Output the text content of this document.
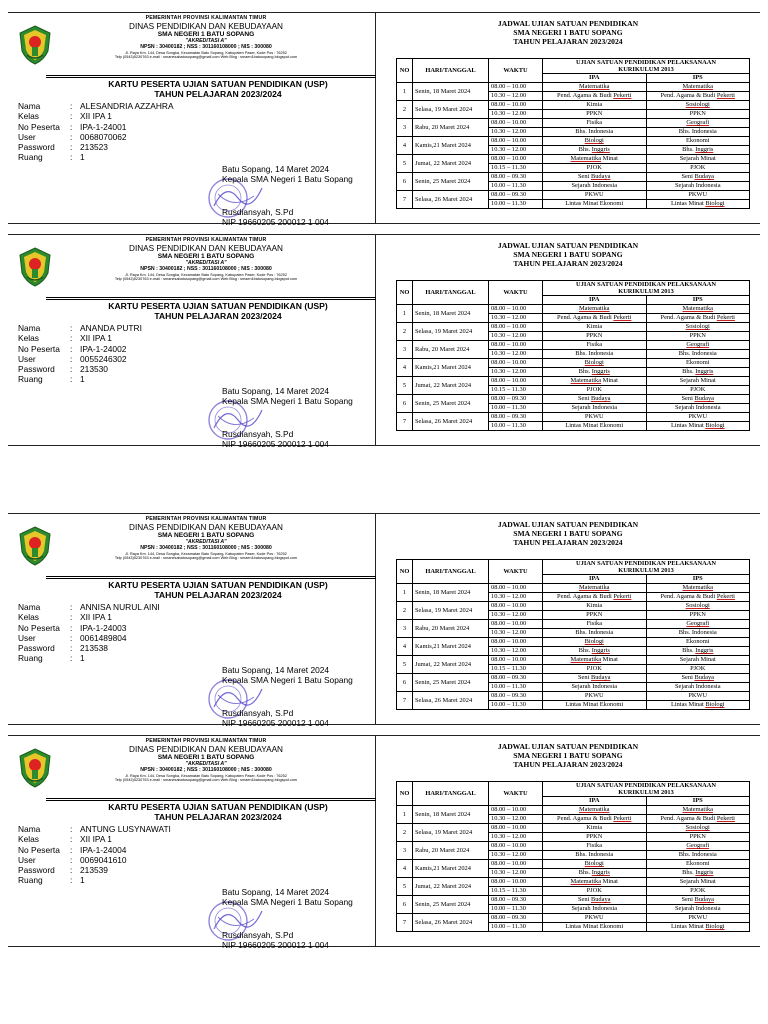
PEMERINTAH PROVINSI KALIMANTAN TIMUR
DINAS PENDIDIKAN DAN KEBUDAYAAN
SMA NEGERI 1 BATU SOPANG
"AKREDITASI A"
NPSN : 30400182 ; NSS : 301160108000 ; NIS : 300080
Jl. Raya Km. 144, Desa Songka, Kecamatan Batu Sopang, Kabupaten Paser, Kode Pos : 76252
Telp (0543)5230763 e-mail : smanesabatusopang@gmail.com Web Blog : smaen1batusopang.blogspot.com
KARTU PESERTA UJIAN SATUAN PENDIDIKAN (USP)
TAHUN PELAJARAN 2023/2024
Nama	: ALESANDRIA AZZAHRA
Kelas	: XII IPA 1
No Peserta	: IPA-1-24001
User	: 0068070062
Password	: 213523
Ruang	: 1
Batu Sopang, 14 Maret 2024
Kepala SMA Negeri 1 Batu Sopang
Rusdiansyah, S.Pd
NIP 19660205 200012 1 004
JADWAL UJIAN SATUAN PENDIDIKAN
SMA NEGERI 1 BATU SOPANG
TAHUN PELAJARAN 2023/2024
NO	HARI/TANGGAL	WAKTU	UJIAN SATUAN PENDIDIKAN PELAKSANAAN
KURIKULUM 2013	

			IPA	IPS
1	Senin, 18 Maret 2024	08.00 – 10.00	Matematika	Matematika
		10.30 – 12.00	Pend. Agama & Budi Pekerti	Pend. Agama & Budi Pekerti
2	Selasa, 19 Maret 2024	08.00 – 10.00	Kimia	Sosiologi
		10.30 – 12.00	PPKN	PPKN
3	Rabu, 20 Maret 2024	08.00 – 10.00	Fisika	Geografi
		10.30 – 12.00	Bhs. Indonesia	Bhs. Indonesia
4	Kamis,21 Maret 2024	08.00 – 10.00	Biologi	Ekonomi
		10.30 – 12.00	Bhs. Inggris	Bhs. Inggris
5	Jumat, 22 Maret 2024	08.00 – 10.00	Matematika Minat	Sejarah Minat
		10.15 – 11.30	PJOK	PJOK
6	Senin, 25 Maret 2024	08.00 – 09.30	Seni Budaya	Seni Budaya
		10.00 – 11.30	Sejarah Indonesia	Sejarah Indonesia
7	Selasa, 26 Maret 2024	08.00 – 09.30	PKWU	PKWU
		10.00 – 11.30	Lintas Minat Ekonomi	Lintas Minat Biologi
PEMERINTAH PROVINSI KALIMANTAN TIMUR
DINAS PENDIDIKAN DAN KEBUDAYAAN
SMA NEGERI 1 BATU SOPANG
"AKREDITASI A"
NPSN : 30400182 ; NSS : 301160108000 ; NIS : 300080
Jl. Raya Km. 144, Desa Songka, Kecamatan Batu Sopang, Kabupaten Paser, Kode Pos : 76252
Telp (0543)5230763 e-mail : smanesabatusopang@gmail.com Web Blog : smaen1batusopang.blogspot.com
KARTU PESERTA UJIAN SATUAN PENDIDIKAN (USP)
TAHUN PELAJARAN 2023/2024
Nama	: ANANDA PUTRI
Kelas	: XII IPA 1
No Peserta	: IPA-1-24002
User	: 0055246302
Password	: 213530
Ruang	: 1
Batu Sopang, 14 Maret 2024
Kepala SMA Negeri 1 Batu Sopang
Rusdiansyah, S.Pd
NIP 19660205 200012 1 004
JADWAL UJIAN SATUAN PENDIDIKAN
SMA NEGERI 1 BATU SOPANG
TAHUN PELAJARAN 2023/2024
NO	HARI/TANGGAL	WAKTU	UJIAN SATUAN PENDIDIKAN PELAKSANAAN
KURIKULUM 2013	

			IPA	IPS
1	Senin, 18 Maret 2024	08.00 – 10.00	Matematika	Matematika
		10.30 – 12.00	Pend. Agama & Budi Pekerti	Pend. Agama & Budi Pekerti
2	Selasa, 19 Maret 2024	08.00 – 10.00	Kimia	Sosiologi
		10.30 – 12.00	PPKN	PPKN
3	Rabu, 20 Maret 2024	08.00 – 10.00	Fisika	Geografi
		10.30 – 12.00	Bhs. Indonesia	Bhs. Indonesia
4	Kamis,21 Maret 2024	08.00 – 10.00	Biologi	Ekonomi
		10.30 – 12.00	Bhs. Inggris	Bhs. Inggris
5	Jumat, 22 Maret 2024	08.00 – 10.00	Matematika Minat	Sejarah Minat
		10.15 – 11.30	PJOK	PJOK
6	Senin, 25 Maret 2024	08.00 – 09.30	Seni Budaya	Seni Budaya
		10.00 – 11.30	Sejarah Indonesia	Sejarah Indonesia
7	Selasa, 26 Maret 2024	08.00 – 09.30	PKWU	PKWU
		10.00 – 11.30	Lintas Minat Ekonomi	Lintas Minat Biologi
PEMERINTAH PROVINSI KALIMANTAN TIMUR
DINAS PENDIDIKAN DAN KEBUDAYAAN
SMA NEGERI 1 BATU SOPANG
"AKREDITASI A"
NPSN : 30400182 ; NSS : 301160108000 ; NIS : 300080
Jl. Raya Km. 144, Desa Songka, Kecamatan Batu Sopang, Kabupaten Paser, Kode Pos : 76252
Telp (0543)5230763 e-mail : smanesabatusopang@gmail.com Web Blog : smaen1batusopang.blogspot.com
KARTU PESERTA UJIAN SATUAN PENDIDIKAN (USP)
TAHUN PELAJARAN 2023/2024
Nama	: ANNISA NURUL AINI
Kelas	: XII IPA 1
No Peserta	: IPA-1-24003
User	: 0061489804
Password	: 213538
Ruang	: 1
Batu Sopang, 14 Maret 2024
Kepala SMA Negeri 1 Batu Sopang
Rusdiansyah, S.Pd
NIP 19660205 200012 1 004
JADWAL UJIAN SATUAN PENDIDIKAN
SMA NEGERI 1 BATU SOPANG
TAHUN PELAJARAN 2023/2024
NO	HARI/TANGGAL	WAKTU	UJIAN SATUAN PENDIDIKAN PELAKSANAAN
KURIKULUM 2013	

			IPA	IPS
1	Senin, 18 Maret 2024	08.00 – 10.00	Matematika	Matematika
		10.30 – 12.00	Pend. Agama & Budi Pekerti	Pend. Agama & Budi Pekerti
2	Selasa, 19 Maret 2024	08.00 – 10.00	Kimia	Sosiologi
		10.30 – 12.00	PPKN	PPKN
3	Rabu, 20 Maret 2024	08.00 – 10.00	Fisika	Geografi
		10.30 – 12.00	Bhs. Indonesia	Bhs. Indonesia
4	Kamis,21 Maret 2024	08.00 – 10.00	Biologi	Ekonomi
		10.30 – 12.00	Bhs. Inggris	Bhs. Inggris
5	Jumat, 22 Maret 2024	08.00 – 10.00	Matematika Minat	Sejarah Minat
		10.15 – 11.30	PJOK	PJOK
6	Senin, 25 Maret 2024	08.00 – 09.30	Seni Budaya	Seni Budaya
		10.00 – 11.30	Sejarah Indonesia	Sejarah Indonesia
7	Selasa, 26 Maret 2024	08.00 – 09.30	PKWU	PKWU
		10.00 – 11.30	Lintas Minat Ekonomi	Lintas Minat Biologi
PEMERINTAH PROVINSI KALIMANTAN TIMUR
DINAS PENDIDIKAN DAN KEBUDAYAAN
SMA NEGERI 1 BATU SOPANG
"AKREDITASI A"
NPSN : 30400182 ; NSS : 301160108000 ; NIS : 300080
Jl. Raya Km. 144, Desa Songka, Kecamatan Batu Sopang, Kabupaten Paser, Kode Pos : 76252
Telp (0543)5230763 e-mail : smanesabatusopang@gmail.com Web Blog : smaen1batusopang.blogspot.com
KARTU PESERTA UJIAN SATUAN PENDIDIKAN (USP)
TAHUN PELAJARAN 2023/2024
Nama	: ANTUNG LUSYNAWATI
Kelas	: XII IPA 1
No Peserta	: IPA-1-24004
User	: 0069041610
Password	: 213539
Ruang	: 1
Batu Sopang, 14 Maret 2024
Kepala SMA Negeri 1 Batu Sopang
Rusdiansyah, S.Pd
NIP 19660205 200012 1 004
JADWAL UJIAN SATUAN PENDIDIKAN
SMA NEGERI 1 BATU SOPANG
TAHUN PELAJARAN 2023/2024
NO	HARI/TANGGAL	WAKTU	UJIAN SATUAN PENDIDIKAN PELAKSANAAN
KURIKULUM 2013	

			IPA	IPS
1	Senin, 18 Maret 2024	08.00 – 10.00	Matematika	Matematika
		10.30 – 12.00	Pend. Agama & Budi Pekerti	Pend. Agama & Budi Pekerti
2	Selasa, 19 Maret 2024	08.00 – 10.00	Kimia	Sosiologi
		10.30 – 12.00	PPKN	PPKN
3	Rabu, 20 Maret 2024	08.00 – 10.00	Fisika	Geografi
		10.30 – 12.00	Bhs. Indonesia	Bhs. Indonesia
4	Kamis,21 Maret 2024	08.00 – 10.00	Biologi	Ekonomi
		10.30 – 12.00	Bhs. Inggris	Bhs. Inggris
5	Jumat, 22 Maret 2024	08.00 – 10.00	Matematika Minat	Sejarah Minat
		10.15 – 11.30	PJOK	PJOK
6	Senin, 25 Maret 2024	08.00 – 09.30	Seni Budaya	Seni Budaya
		10.00 – 11.30	Sejarah Indonesia	Sejarah Indonesia
7	Selasa, 26 Maret 2024	08.00 – 09.30	PKWU	PKWU
		10.00 – 11.30	Lintas Minat Ekonomi	Lintas Minat Biologi
